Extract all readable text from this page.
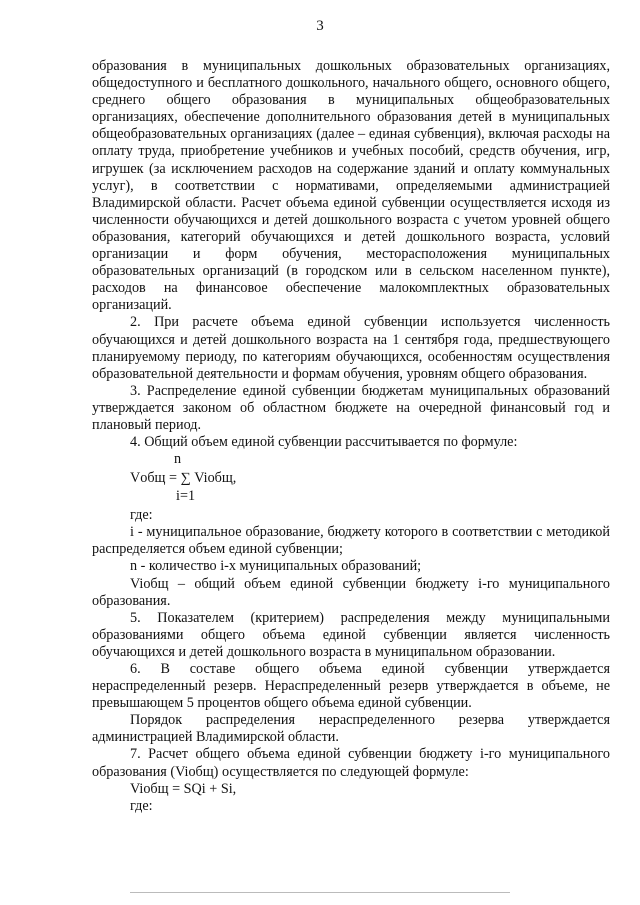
3

образования в муниципальных дошкольных образовательных организациях, общедоступного и бесплатного дошкольного, начального общего, основного общего, среднего общего образования в муниципальных общеобразовательных организациях, обеспечение дополнительного образования детей в муниципальных общеобразовательных организациях (далее – единая субвенция), включая расходы на оплату труда, приобретение учебников и учебных пособий, средств обучения, игр, игрушек (за исключением расходов на содержание зданий и оплату коммунальных услуг), в соответствии с нормативами, определяемыми администрацией Владимирской области. Расчет объема единой субвенции осуществляется исходя из численности обучающихся и детей дошкольного возраста с учетом уровней общего образования, категорий обучающихся и детей дошкольного возраста, условий организации и форм обучения, месторасположения муниципальных образовательных организаций (в городском или в сельском населенном пункте), расходов на финансовое обеспечение малокомплектных образовательных организаций.

2. При расчете объема единой субвенции используется численность обучающихся и детей дошкольного возраста на 1 сентября года, предшествующего планируемому периоду, по категориям обучающихся, особенностям осуществления образовательной деятельности и формам обучения, уровням общего образования.

3. Распределение единой субвенции бюджетам муниципальных образований утверждается законом об областном бюджете на очередной финансовый год и плановый период.

4. Общий объем единой субвенции рассчитывается по формуле:

n
Vобщ = ∑ Viобщ,
i=1

где:

i - муниципальное образование, бюджету которого в соответствии с методикой распределяется объем единой субвенции;

n - количество i-х муниципальных образований;

Viобщ – общий объем единой субвенции бюджету i-го муниципального образования.

5. Показателем (критерием) распределения между муниципальными образованиями общего объема единой субвенции является численность обучающихся и детей дошкольного возраста в муниципальном образовании.

6. В составе общего объема единой субвенции утверждается нераспределенный резерв. Нераспределенный резерв утверждается в объеме, не превышающем 5 процентов общего объема единой субвенции.

Порядок распределения нераспределенного резерва утверждается администрацией Владимирской области.

7. Расчет общего объема единой субвенции бюджету i-го муниципального образования (Viобщ) осуществляется по следующей формуле:

Viобщ = SQi + Si,

где:
